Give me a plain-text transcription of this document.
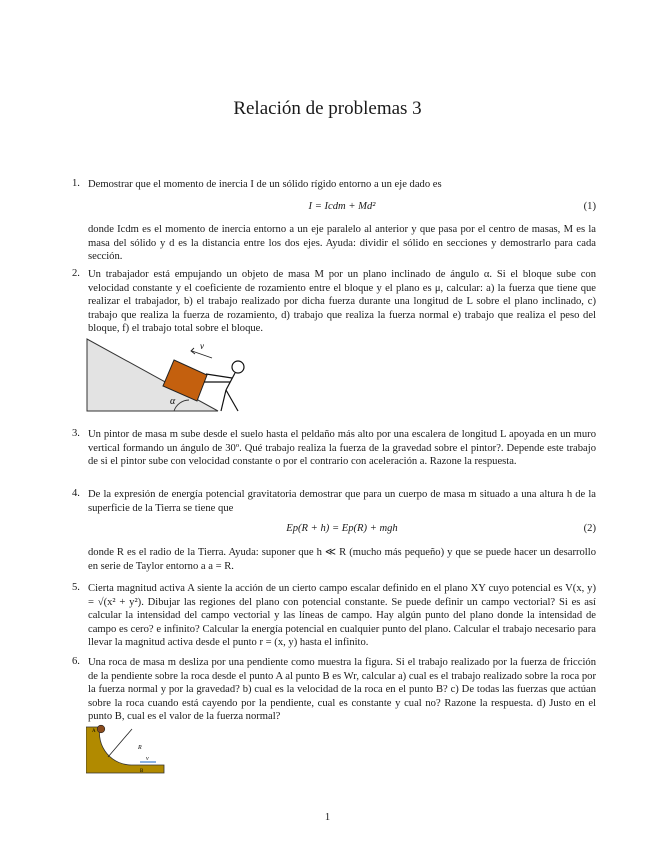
Relación de problemas 3
1. Demostrar que el momento de inercia I de un sólido rígido entorno a un eje dado es
I = Icdm + Md²	(1)
donde Icdm es el momento de inercia entorno a un eje paralelo al anterior y que pasa por el centro de masas, M es la masa del sólido y d es la distancia entre los dos ejes. Ayuda: dividir el sólido en secciones y demostrarlo para cada sección.
2. Un trabajador está empujando un objeto de masa M por un plano inclinado de ángulo α. Si el bloque sube con velocidad constante y el coeficiente de rozamiento entre el bloque y el plano es μ, calcular: a) la fuerza que tiene que realizar el trabajador, b) el trabajo realizado por dicha fuerza durante una longitud de L sobre el plano inclinado, c) trabajo que realiza la fuerza de rozamiento, d) trabajo que realiza la fuerza normal e) trabajo que realiza el peso del bloque, f) el trabajo total sobre el bloque.
α
v
3. Un pintor de masa m sube desde el suelo hasta el peldaño más alto por una escalera de longitud L apoyada en un muro vertical formando un ángulo de 30º. Qué trabajo realiza la fuerza de la gravedad sobre el pintor?. Depende este trabajo de si el pintor sube con velocidad constante o por el contrario con aceleración a. Razone la respuesta.
4. De la expresión de energía potencial gravitatoria demostrar que para un cuerpo de masa m situado a una altura h de la superficie de la Tierra se tiene que
Ep(R + h) = Ep(R) + mgh	(2)
donde R es el radio de la Tierra. Ayuda: suponer que h ≪ R (mucho más pequeño) y que se puede hacer un desarrollo en serie de Taylor entorno a a = R.
5. Cierta magnitud activa A siente la acción de un cierto campo escalar definido en el plano XY cuyo potencial es V(x, y) = √(x² + y²). Dibujar las regiones del plano con potencial constante. Se puede definir un campo vectorial? Si es así calcular la intensidad del campo vectorial y las líneas de campo. Hay algún punto del plano donde la intensidad de campo es cero? e infinito? Calcular la energía potencial en cualquier punto del plano. Calcular el trabajo necesario para llevar la magnitud activa desde el punto r = (x, y) hasta el infinito.
6. Una roca de masa m desliza por una pendiente como muestra la figura. Si el trabajo realizado por la fuerza de fricción de la pendiente sobre la roca desde el punto A al punto B es Wr, calcular a) cual es el trabajo realizado sobre la roca por la fuerza normal y por la gravedad? b) cual es la velocidad de la roca en el punto B? c) De todas las fuerzas que actúan sobre la roca cuando está cayendo por la pendiente, cual es constante y cual no? Razone la respuesta. d) Justo en el punto B, cual es el valor de la fuerza normal?
R
A
v
B
1
